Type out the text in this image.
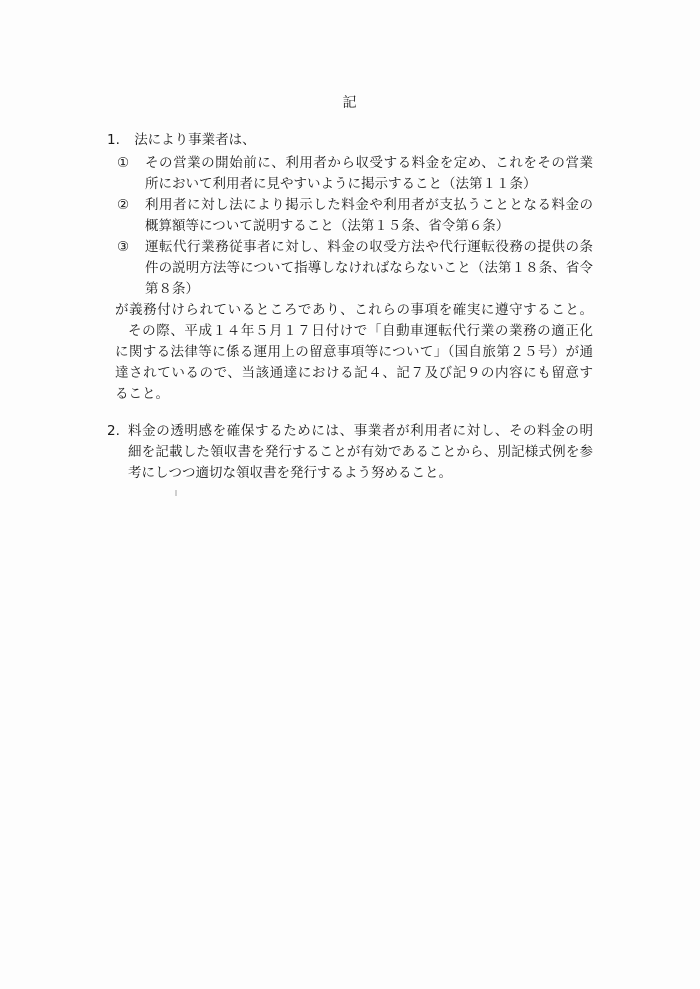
記
1. 法により事業者は、
① その営業の開始前に、利用者から収受する料金を定め、これをその営業
所において利用者に見やすいように掲示すること（法第１１条）
② 利用者に対し法により掲示した料金や利用者が支払うこととなる料金の
概算額等について説明すること（法第１５条、省令第６条）
③ 運転代行業務従事者に対し、料金の収受方法や代行運転役務の提供の条
件の説明方法等について指導しなければならないこと（法第１８条、省令
第８条）
が義務付けられているところであり、これらの事項を確実に遵守すること。
その際、平成１４年５月１７日付けで「自動車運転代行業の業務の適正化
に関する法律等に係る運用上の留意事項等について」（国自旅第２５号）が通
達されているので、当該通達における記４、記７及び記９の内容にも留意す
ること。
2. 料金の透明感を確保するためには、事業者が利用者に対し、その料金の明
細を記載した領収書を発行することが有効であることから、別記様式例を参
考にしつつ適切な領収書を発行するよう努めること。
